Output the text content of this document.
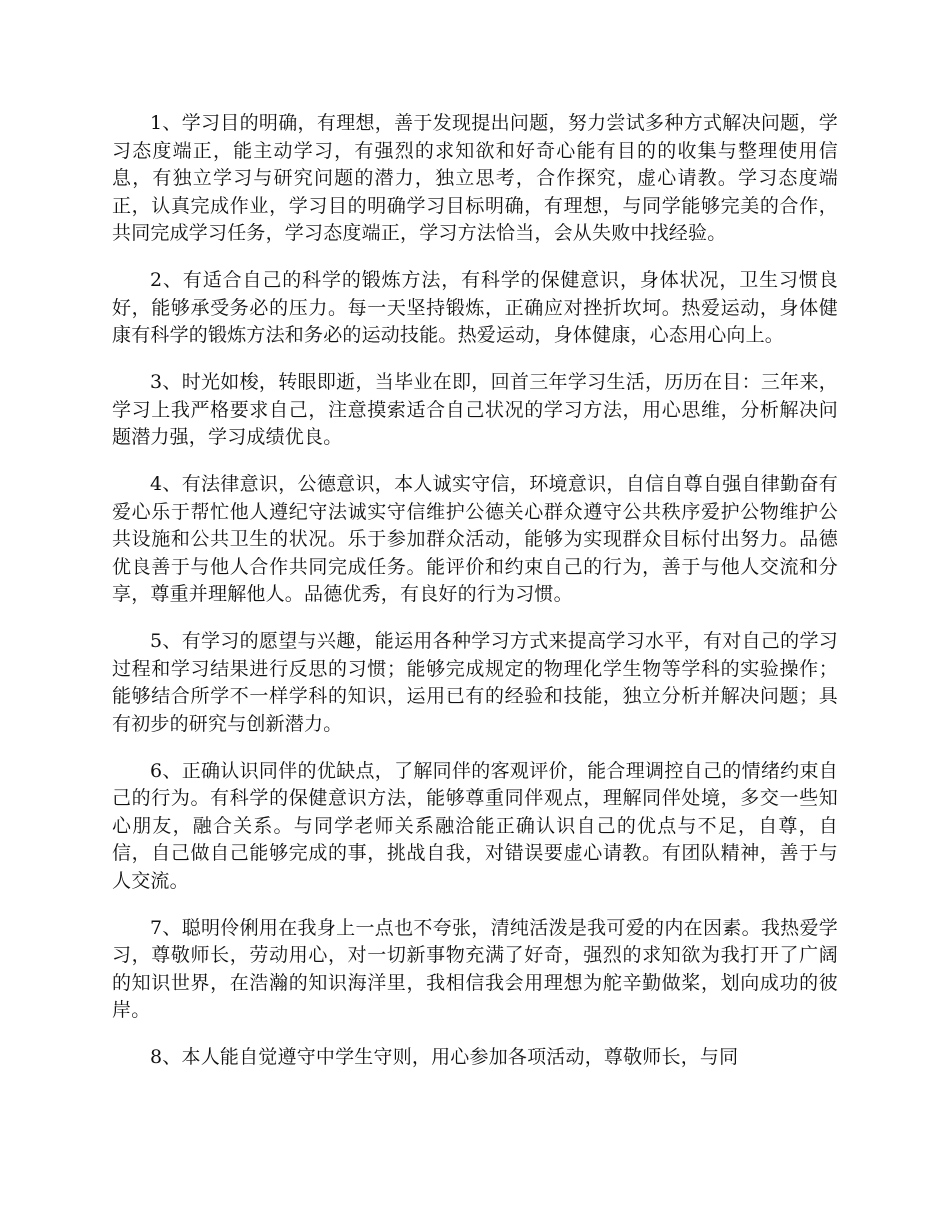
1、学习目的明确，有理想，善于发现提出问题，努力尝试多种方式解决问题，学习态度端正，能主动学习，有强烈的求知欲和好奇心能有目的的收集与整理使用信息，有独立学习与研究问题的潜力，独立思考，合作探究，虚心请教。学习态度端正，认真完成作业，学习目的明确学习目标明确，有理想，与同学能够完美的合作，共同完成学习任务，学习态度端正，学习方法恰当，会从失败中找经验。

2、有适合自己的科学的锻炼方法，有科学的保健意识，身体状况，卫生习惯良好，能够承受务必的压力。每一天坚持锻炼，正确应对挫折坎坷。热爱运动，身体健康有科学的锻炼方法和务必的运动技能。热爱运动，身体健康，心态用心向上。

3、时光如梭，转眼即逝，当毕业在即，回首三年学习生活，历历在目：三年来，学习上我严格要求自己，注意摸索适合自己状况的学习方法，用心思维，分析解决问题潜力强，学习成绩优良。

4、有法律意识，公德意识，本人诚实守信，环境意识，自信自尊自强自律勤奋有爱心乐于帮忙他人遵纪守法诚实守信维护公德关心群众遵守公共秩序爱护公物维护公共设施和公共卫生的状况。乐于参加群众活动，能够为实现群众目标付出努力。品德优良善于与他人合作共同完成任务。能评价和约束自己的行为，善于与他人交流和分享，尊重并理解他人。品德优秀，有良好的行为习惯。

5、有学习的愿望与兴趣，能运用各种学习方式来提高学习水平，有对自己的学习过程和学习结果进行反思的习惯；能够完成规定的物理化学生物等学科的实验操作；能够结合所学不一样学科的知识，运用已有的经验和技能，独立分析并解决问题；具有初步的研究与创新潜力。

6、正确认识同伴的优缺点，了解同伴的客观评价，能合理调控自己的情绪约束自己的行为。有科学的保健意识方法，能够尊重同伴观点，理解同伴处境，多交一些知心朋友，融合关系。与同学老师关系融洽能正确认识自己的优点与不足，自尊，自信，自己做自己能够完成的事，挑战自我，对错误要虚心请教。有团队精神，善于与人交流。

7、聪明伶俐用在我身上一点也不夸张，清纯活泼是我可爱的内在因素。我热爱学习，尊敬师长，劳动用心，对一切新事物充满了好奇，强烈的求知欲为我打开了广阔的知识世界，在浩瀚的知识海洋里，我相信我会用理想为舵辛勤做桨，划向成功的彼岸。

8、本人能自觉遵守中学生守则，用心参加各项活动，尊敬师长，与同
